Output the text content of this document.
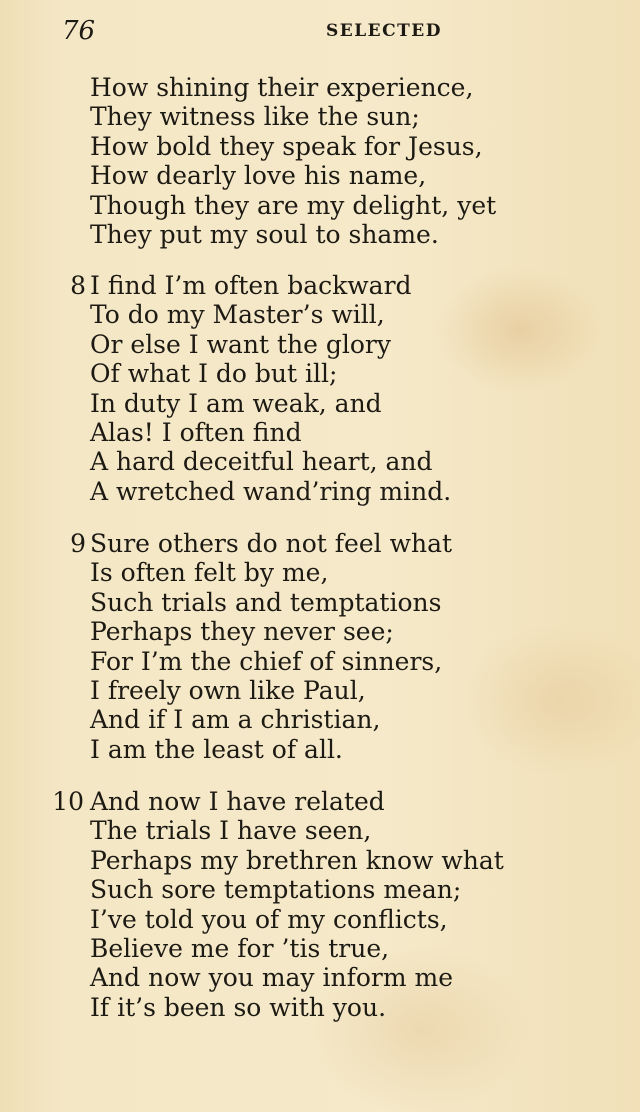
76	SELECTED
How shining their experience,
They witness like the sun;
How bold they speak for Jesus,
How dearly love his name,
Though they are my delight, yet
They put my soul to shame.
8 I find I’m often backward
To do my Master’s will,
Or else I want the glory
Of what I do but ill;
In duty I am weak, and
Alas! I often find
A hard deceitful heart, and
A wretched wand’ring mind.
9 Sure others do not feel what
Is often felt by me,
Such trials and temptations
Perhaps they never see;
For I’m the chief of sinners,
I freely own like Paul,
And if I am a christian,
I am the least of all.
10 And now I have related
The trials I have seen,
Perhaps my brethren know what
Such sore temptations mean;
I’ve told you of my conflicts,
Believe me for ’tis true,
And now you may inform me
If it’s been so with you.
